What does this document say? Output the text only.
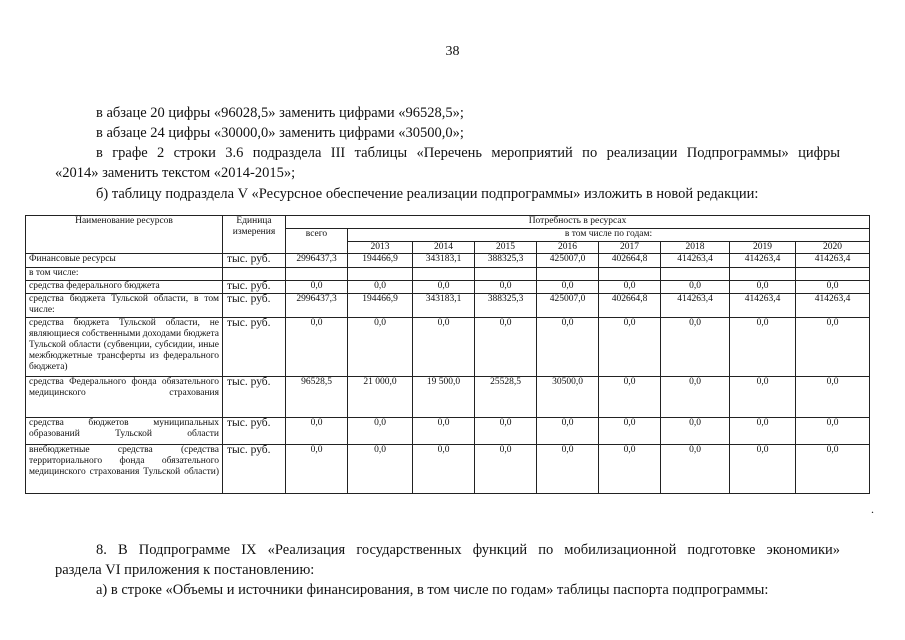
38
в абзаце 20 цифры «96028,5» заменить цифрами «96528,5»;
в абзаце 24 цифры «30000,0» заменить цифрами «30500,0»;
в графе 2 строки 3.6 подраздела III таблицы «Перечень мероприятий по реализации Подпрограммы» цифры
«2014» заменить текстом «2014-2015»;
б) таблицу подраздела V «Ресурсное обеспечение реализации подпрограммы» изложить в новой редакции:
Наименование ресурсов	Единица измерения	Потребность в ресурсах								
		всего	в том числе по годам:							
			2013	2014	2015	2016	2017	2018	2019	2020
Финансовые ресурсы	тыс. руб.	2996437,3	194466,9	343183,1	388325,3	425007,0	402664,8	414263,4	414263,4	414263,4
в том числе:										
средства федерального бюджета	тыс. руб.	0,0	0,0	0,0	0,0	0,0	0,0	0,0	0,0	0,0
средства бюджета Тульской области, в том числе:	тыс. руб.	2996437,3	194466,9	343183,1	388325,3	425007,0	402664,8	414263,4	414263,4	414263,4
средства бюджета Тульской области, не являющиеся собственными доходами бюджета Тульской области (субвенции, субсидии, иные межбюджетные трансферты из федерального бюджета)	тыс. руб.	0,0	0,0	0,0	0,0	0,0	0,0	0,0	0,0	0,0
средства Федерального фонда обязательного медицинского страхования	тыс. руб.	96528,5	21 000,0	19 500,0	25528,5	30500,0	0,0	0,0	0,0	0,0
средства бюджетов муниципальных образований Тульской области	тыс. руб.	0,0	0,0	0,0	0,0	0,0	0,0	0,0	0,0	0,0
внебюджетные средства (средства территориального фонда обязательного медицинского страхования Тульской области)	тыс. руб.	0,0	0,0	0,0	0,0	0,0	0,0	0,0	0,0	0,0
.
8. В Подпрограмме IX «Реализация государственных функций по мобилизационной подготовке экономики»
раздела VI приложения к постановлению:
а) в строке «Объемы и источники финансирования, в том числе по годам» таблицы паспорта подпрограммы:
